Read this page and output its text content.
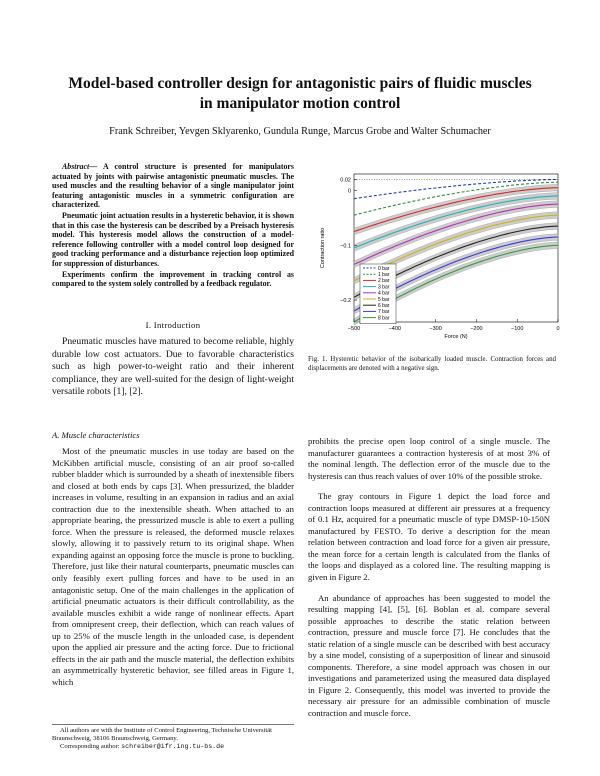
Model-based controller design for antagonistic pairs of fluidic muscles
in manipulator motion control
Frank Schreiber, Yevgen Sklyarenko, Gundula Runge, Marcus Grobe and Walter Schumacher

Abstract— A control structure is presented for manipulators actuated by joints with pairwise antagonistic pneumatic muscles. The used muscles and the resulting behavior of a single manipulator joint featuring antagonistic muscles in a symmetric configuration are characterized.

Pneumatic joint actuation results in a hysteretic behavior, it is shown that in this case the hysteresis can be described by a Preisach hysteresis model. This hysteresis model allows the construction of a model-reference following controller with a model control loop designed for good tracking performance and a disturbance rejection loop optimized for suppression of disturbances.

Experiments confirm the improvement in tracking control as compared to the system solely controlled by a feedback regulator.

I. Introduction

Pneumatic muscles have matured to become reliable, highly durable low cost actuators. Due to favorable characteristics such as high power-to-weight ratio and their inherent compliance, they are well-suited for the design of light-weight versatile robots [1], [2].

A. Muscle characteristics

Most of the pneumatic muscles in use today are based on the McKibben artificial muscle, consisting of an air proof so-called rubber bladder which is surrounded by a sheath of inextensible fibers and closed at both ends by caps [3]. When pressurized, the bladder increases in volume, resulting in an expansion in radius and an axial contraction due to the inextensible sheath. When attached to an appropriate bearing, the pressurized muscle is able to exert a pulling force. When the pressure is released, the deformed muscle relaxes slowly, allowing it to passively return to its original shape. When expanding against an opposing force the muscle is prone to buckling. Therefore, just like their natural counterparts, pneumatic muscles can only feasibly exert pulling forces and have to be used in an antagonistic setup. One of the main challenges in the application of artificial pneumatic actuators is their difficult controllability, as the available muscles exhibit a wide range of nonlinear effects. Apart from omnipresent creep, their deflection, which can reach values of up to 25% of the muscle length in the unloaded case, is dependent upon the applied air pressure and the acting force. Due to frictional effects in the air path and the muscle material, the deflection exhibits an asymmetrically hysteretic behavior, see filled areas in Figure 1, which

All authors are with the Institute of Control Engineering, Technische Universität Braunschweig, 38106 Braunschweig, Germany.

Corresponding author: schreiber@ifr.ing.tu-bs.de

−500	−400	−300	−200	−100	0
0.02
0
−0.1
−0.2
0 bar
1 bar
2 bar
3 bar
4 bar
5 bar
6 bar
7 bar
8 bar
Force (N)
Contraction ratio
Fig. 1. Hysteretic behavior of the isobarically loaded muscle. Contraction forces and displacements are denoted with a negative sign.

prohibits the precise open loop control of a single muscle. The manufacturer guarantees a contraction hysteresis of at most 3% of the nominal length. The deflection error of the muscle due to the hysteresis can thus reach values of over 10% of the possible stroke.

The gray contours in Figure 1 depict the load force and contraction loops measured at different air pressures at a frequency of 0.1 Hz, acquired for a pneumatic muscle of type DMSP-10-150N manufactured by FESTO. To derive a description for the mean relation between contraction and load force for a given air pressure, the mean force for a certain length is calculated from the flanks of the loops and displayed as a colored line. The resulting mapping is given in Figure 2.

An abundance of approaches has been suggested to model the resulting mapping [4], [5], [6]. Boblan et al. compare several possible approaches to describe the static relation between contraction, pressure and muscle force [7]. He concludes that the static relation of a single muscle can be described with best accuracy by a sine model, consisting of a superposition of linear and sinusoid components. Therefore, a sine model approach was chosen in our investigations and parameterized using the measured data displayed in Figure 2. Consequently, this model was inverted to provide the necessary air pressure for an admissible combination of muscle contraction and muscle force.
